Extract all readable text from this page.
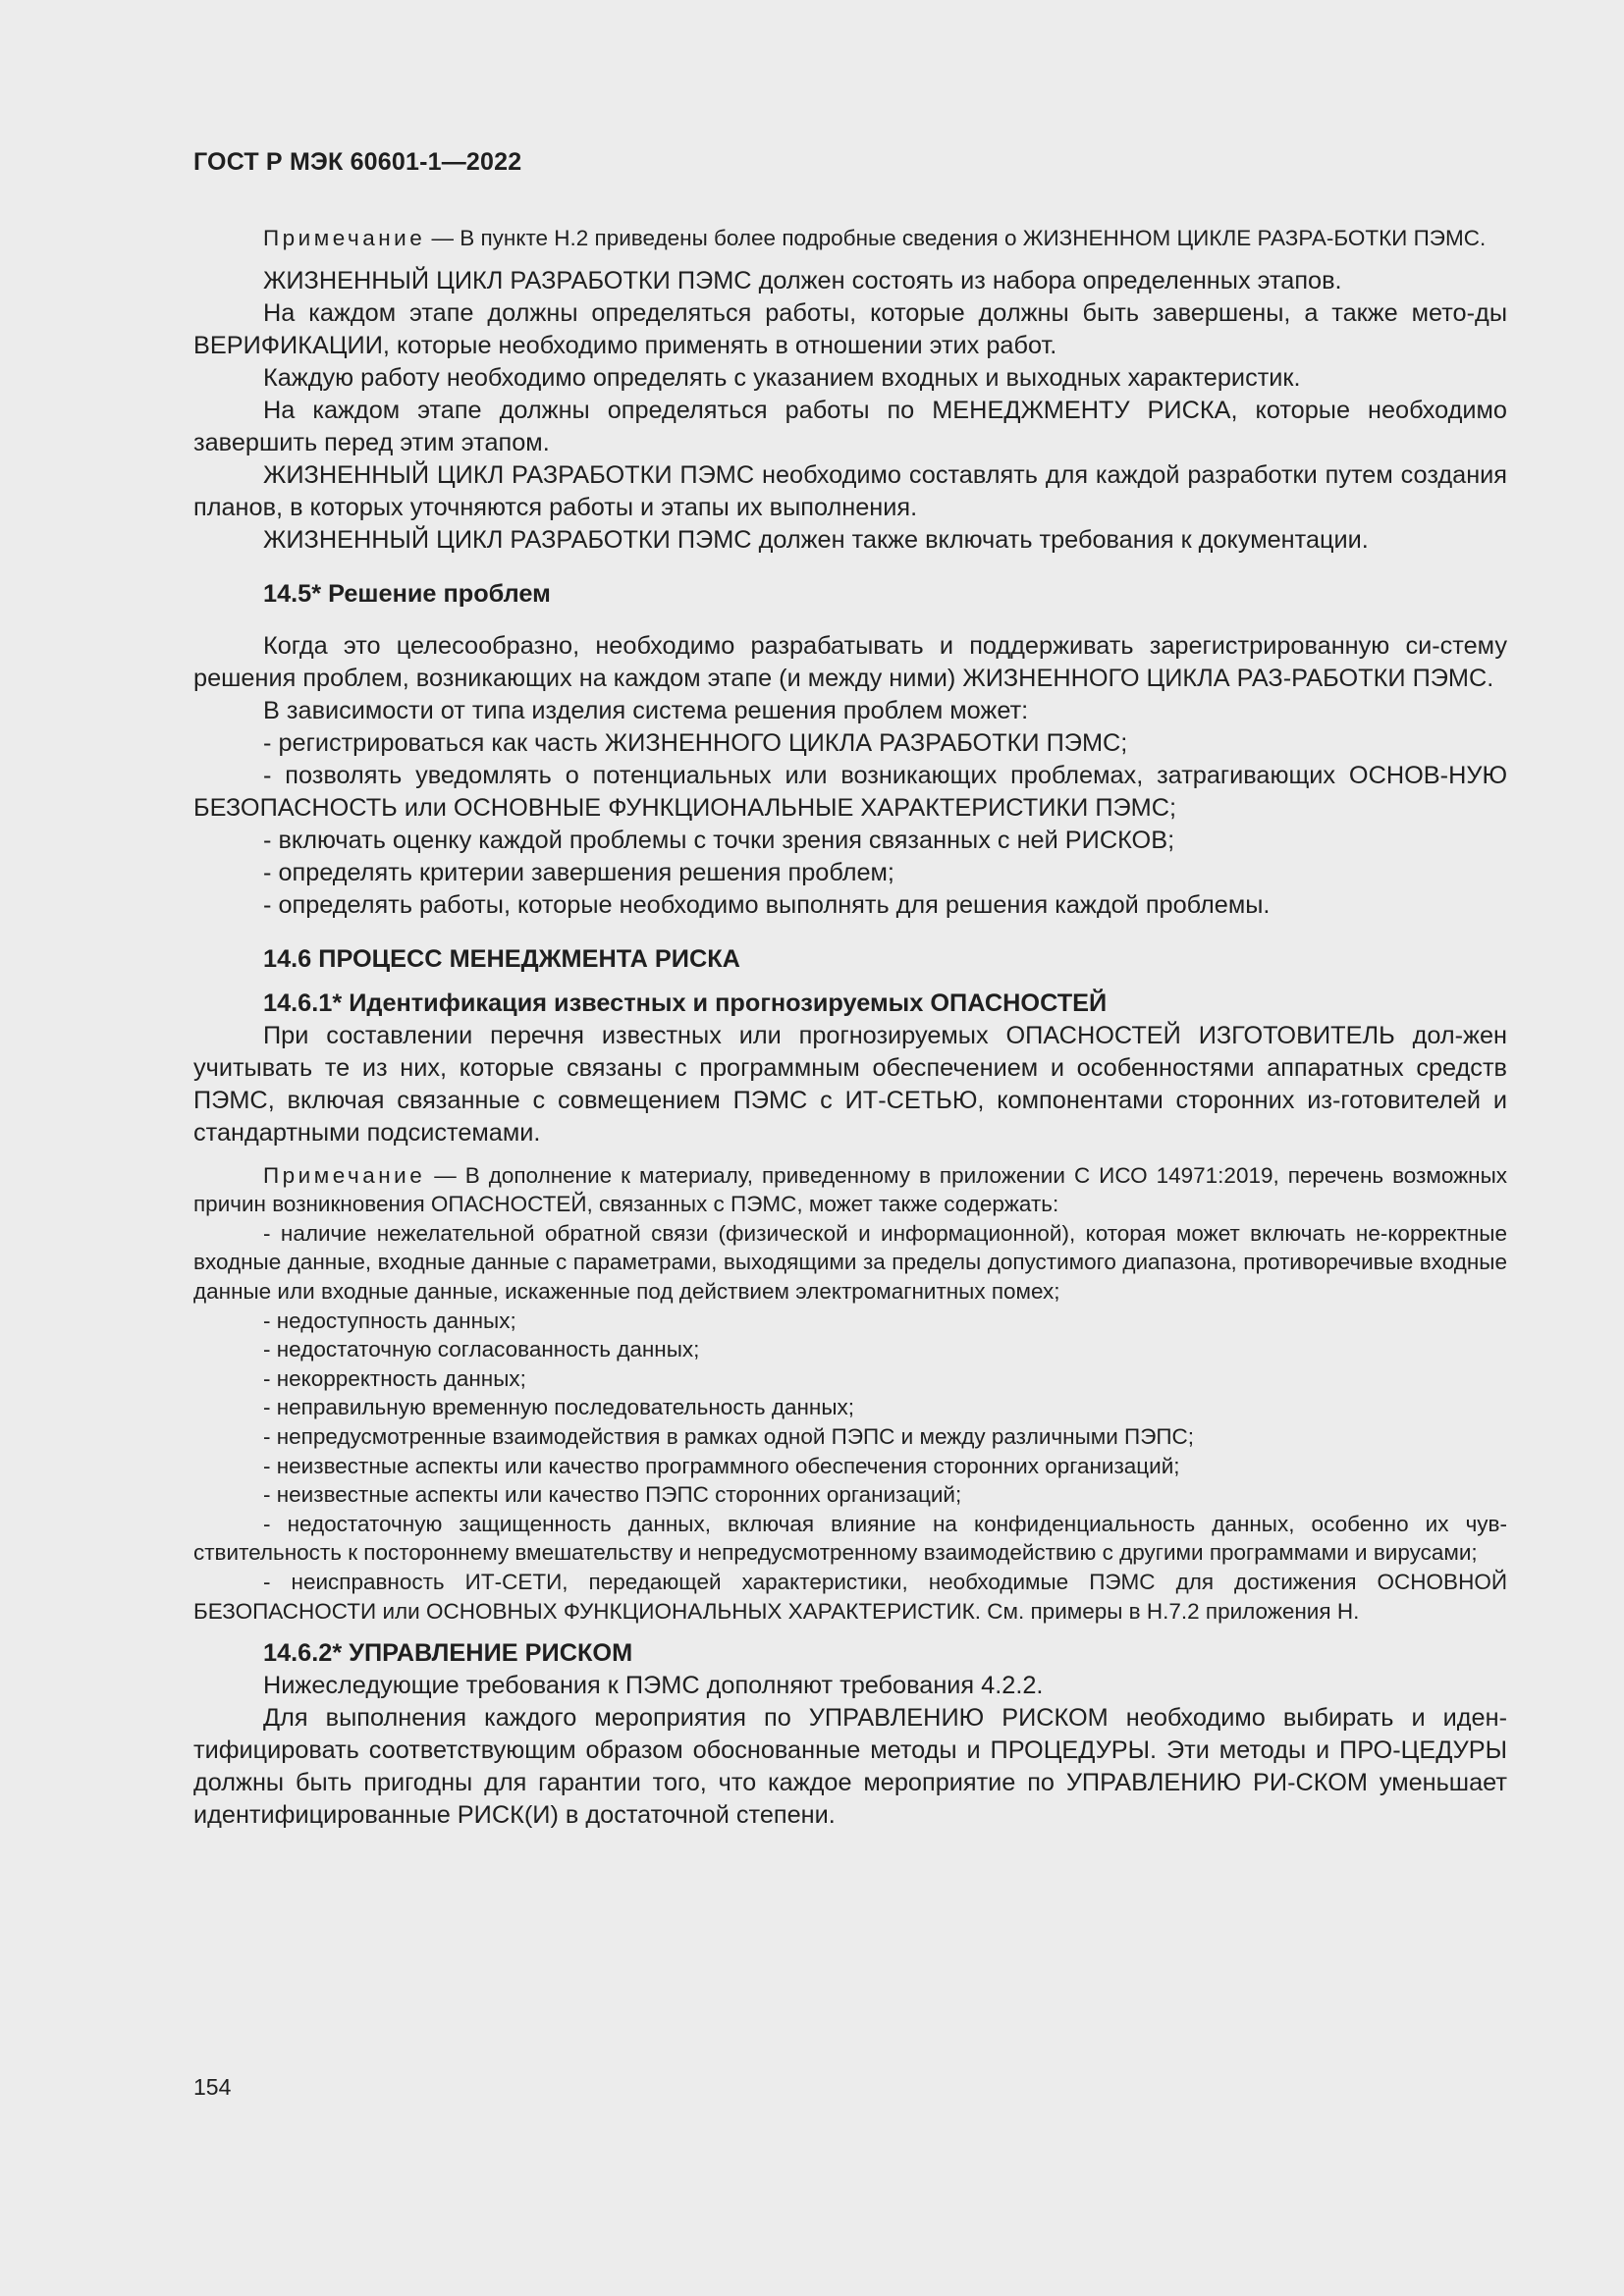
ГОСТ Р МЭК 60601-1—2022

Примечание — В пункте Н.2 приведены более подробные сведения о ЖИЗНЕННОМ ЦИКЛЕ РАЗРА-БОТКИ ПЭМС.

ЖИЗНЕННЫЙ ЦИКЛ РАЗРАБОТКИ ПЭМС должен состоять из набора определенных этапов.

На каждом этапе должны определяться работы, которые должны быть завершены, а также мето-ды ВЕРИФИКАЦИИ, которые необходимо применять в отношении этих работ.

Каждую работу необходимо определять с указанием входных и выходных характеристик.

На каждом этапе должны определяться работы по МЕНЕДЖМЕНТУ РИСКА, которые необходимо завершить перед этим этапом.

ЖИЗНЕННЫЙ ЦИКЛ РАЗРАБОТКИ ПЭМС необходимо составлять для каждой разработки путем создания планов, в которых уточняются работы и этапы их выполнения.

ЖИЗНЕННЫЙ ЦИКЛ РАЗРАБОТКИ ПЭМС должен также включать требования к документации.

14.5* Решение проблем

Когда это целесообразно, необходимо разрабатывать и поддерживать зарегистрированную си-стему решения проблем, возникающих на каждом этапе (и между ними) ЖИЗНЕННОГО ЦИКЛА РАЗ-РАБОТКИ ПЭМС.

В зависимости от типа изделия система решения проблем может:

- регистрироваться как часть ЖИЗНЕННОГО ЦИКЛА РАЗРАБОТКИ ПЭМС;

- позволять уведомлять о потенциальных или возникающих проблемах, затрагивающих ОСНОВ-НУЮ БЕЗОПАСНОСТЬ или ОСНОВНЫЕ ФУНКЦИОНАЛЬНЫЕ ХАРАКТЕРИСТИКИ ПЭМС;

- включать оценку каждой проблемы с точки зрения связанных с ней РИСКОВ;

- определять критерии завершения решения проблем;

- определять работы, которые необходимо выполнять для решения каждой проблемы.

14.6 ПРОЦЕСС МЕНЕДЖМЕНТА РИСКА

14.6.1* Идентификация известных и прогнозируемых ОПАСНОСТЕЙ

При составлении перечня известных или прогнозируемых ОПАСНОСТЕЙ ИЗГОТОВИТЕЛЬ дол-жен учитывать те из них, которые связаны с программным обеспечением и особенностями аппаратных средств ПЭМС, включая связанные с совмещением ПЭМС с ИТ-СЕТЬЮ, компонентами сторонних из-готовителей и стандартными подсистемами.

Примечание — В дополнение к материалу, приведенному в приложении С ИСО 14971:2019, перечень возможных причин возникновения ОПАСНОСТЕЙ, связанных с ПЭМС, может также содержать:

- наличие нежелательной обратной связи (физической и информационной), которая может включать не-корректные входные данные, входные данные с параметрами, выходящими за пределы допустимого диапазона, противоречивые входные данные или входные данные, искаженные под действием электромагнитных помех;

- недоступность данных;

- недостаточную согласованность данных;

- некорректность данных;

- неправильную временную последовательность данных;

- непредусмотренные взаимодействия в рамках одной ПЭПС и между различными ПЭПС;

- неизвестные аспекты или качество программного обеспечения сторонних организаций;

- неизвестные аспекты или качество ПЭПС сторонних организаций;

- недостаточную защищенность данных, включая влияние на конфиденциальность данных, особенно их чув-ствительность к постороннему вмешательству и непредусмотренному взаимодействию с другими программами и вирусами;

- неисправность ИТ-СЕТИ, передающей характеристики, необходимые ПЭМС для достижения ОСНОВНОЙ БЕЗОПАСНОСТИ или ОСНОВНЫХ ФУНКЦИОНАЛЬНЫХ ХАРАКТЕРИСТИК. См. примеры в Н.7.2 приложения Н.

14.6.2* УПРАВЛЕНИЕ РИСКОМ

Нижеследующие требования к ПЭМС дополняют требования 4.2.2.

Для выполнения каждого мероприятия по УПРАВЛЕНИЮ РИСКОМ необходимо выбирать и иден-тифицировать соответствующим образом обоснованные методы и ПРОЦЕДУРЫ. Эти методы и ПРО-ЦЕДУРЫ должны быть пригодны для гарантии того, что каждое мероприятие по УПРАВЛЕНИЮ РИ-СКОМ уменьшает идентифицированные РИСК(И) в достаточной степени.

154
